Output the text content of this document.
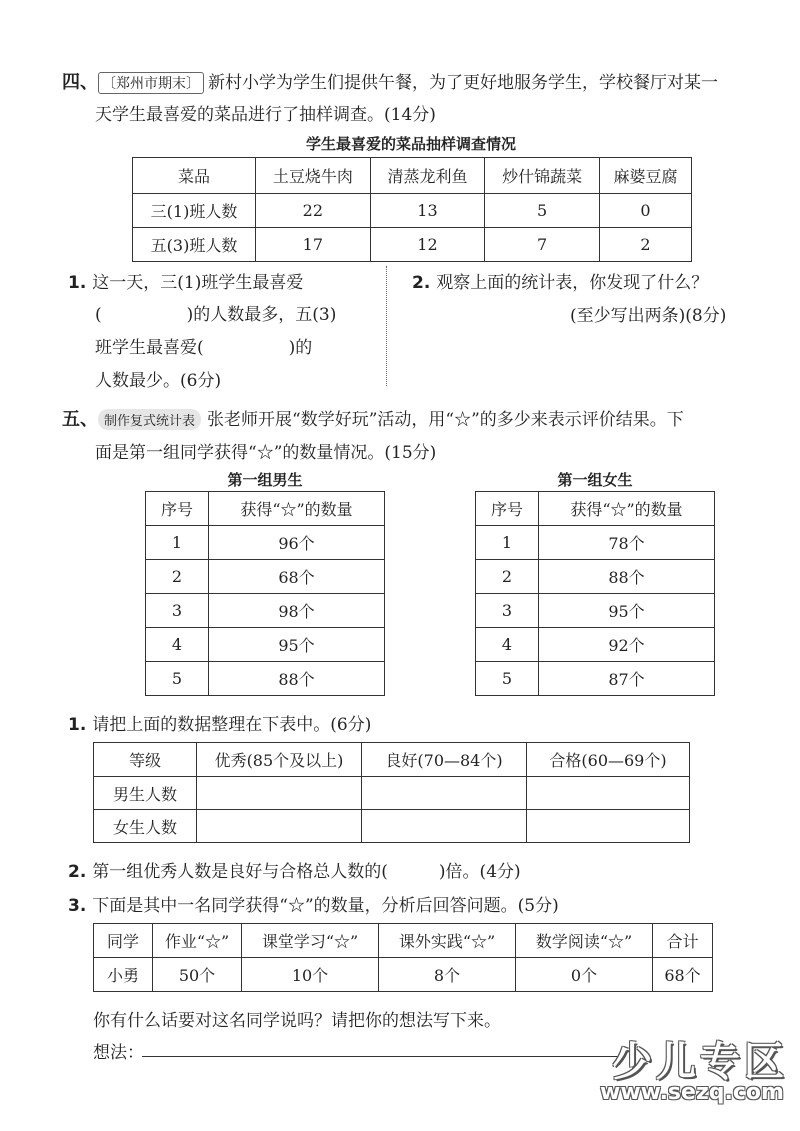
四、 〔郑州市期末〕 新村小学为学生们提供午餐，为了更好地服务学生，学校餐厅对某一
天学生最喜爱的菜品进行了抽样调查。(14分)
学生最喜爱的菜品抽样调查情况
菜品	土豆烧牛肉	清蒸龙利鱼	炒什锦蔬菜	麻婆豆腐
三(1)班人数	22	13	5	0
五(3)班人数	17	12	7	2
1. 这一天，三(1)班学生最喜爱
(　　　　　)的人数最多，五(3)
班学生最喜爱(　　　　　)的
人数最少。(6分)
2. 观察上面的统计表，你发现了什么？
(至少写出两条)(8分)
五、 制作复式统计表 张老师开展“数学好玩”活动，用“☆”的多少来表示评价结果。下
面是第一组同学获得“☆”的数量情况。(15分)
第一组男生
序号	获得“☆”的数量
1	96个
2	68个
3	98个
4	95个
5	88个
第一组女生
序号	获得“☆”的数量
1	78个
2	88个
3	95个
4	92个
5	87个
1. 请把上面的数据整理在下表中。(6分)
等级	优秀(85个及以上)	良好(70—84个)	合格(60—69个)
男生人数			
女生人数			
2. 第一组优秀人数是良好与合格总人数的(　　　)倍。(4分)
3. 下面是其中一名同学获得“☆”的数量，分析后回答问题。(5分)
同学	作业“☆”	课堂学习“☆”	课外实践“☆”	数学阅读“☆”	合计
小勇	50个	10个	8个	0个	68个
你有什么话要对这名同学说吗？请把你的想法写下来。
想法：	少儿专区
www.sezq.com
